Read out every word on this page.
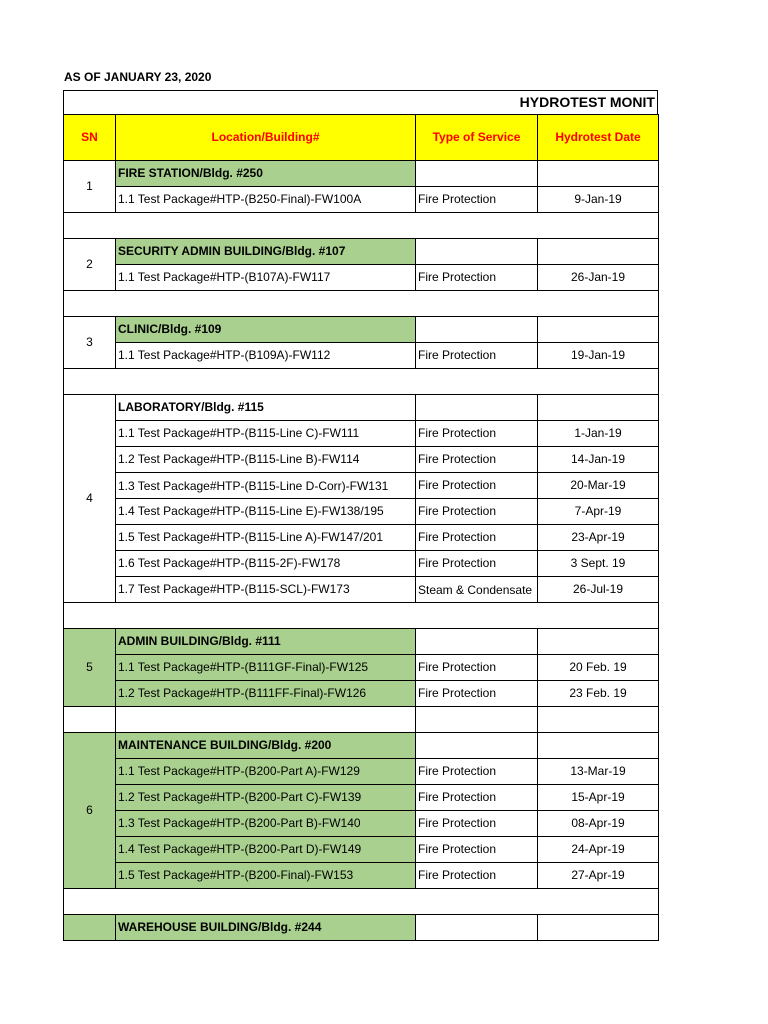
AS OF JANUARY 23, 2020
HYDROTEST MONIT
SN	Location/Building#	Type of Service	Hydrotest Date
1	FIRE STATION/Bldg. #250		
	1.1 Test Package#HTP-(B250-Final)-FW100A	Fire Protection	9-Jan-19

2	SECURITY ADMIN BUILDING/Bldg. #107		
	1.1 Test Package#HTP-(B107A)-FW117	Fire Protection	26-Jan-19

3	CLINIC/Bldg. #109		
	1.1 Test Package#HTP-(B109A)-FW112	Fire Protection	19-Jan-19

4	LABORATORY/Bldg. #115		
	1.1 Test Package#HTP-(B115-Line C)-FW111	Fire Protection	1-Jan-19
	1.2 Test Package#HTP-(B115-Line B)-FW114	Fire Protection	14-Jan-19
	1.3 Test Package#HTP-(B115-Line D-Corr)-FW131	Fire Protection	20-Mar-19
	1.4 Test Package#HTP-(B115-Line E)-FW138/195	Fire Protection	7-Apr-19
	1.5 Test Package#HTP-(B115-Line A)-FW147/201	Fire Protection	23-Apr-19
	1.6 Test Package#HTP-(B115-2F)-FW178	Fire Protection	3 Sept. 19
	1.7 Test Package#HTP-(B115-SCL)-FW173	Steam & Condensate	26-Jul-19

5	ADMIN BUILDING/Bldg. #111		
	1.1 Test Package#HTP-(B111GF-Final)-FW125	Fire Protection	20 Feb. 19
	1.2 Test Package#HTP-(B111FF-Final)-FW126	Fire Protection	23 Feb. 19

6	MAINTENANCE BUILDING/Bldg. #200		
	1.1 Test Package#HTP-(B200-Part A)-FW129	Fire Protection	13-Mar-19
	1.2 Test Package#HTP-(B200-Part C)-FW139	Fire Protection	15-Apr-19
	1.3 Test Package#HTP-(B200-Part B)-FW140	Fire Protection	08-Apr-19
	1.4 Test Package#HTP-(B200-Part D)-FW149	Fire Protection	24-Apr-19
	1.5 Test Package#HTP-(B200-Final)-FW153	Fire Protection	27-Apr-19

	WAREHOUSE BUILDING/Bldg. #244		
